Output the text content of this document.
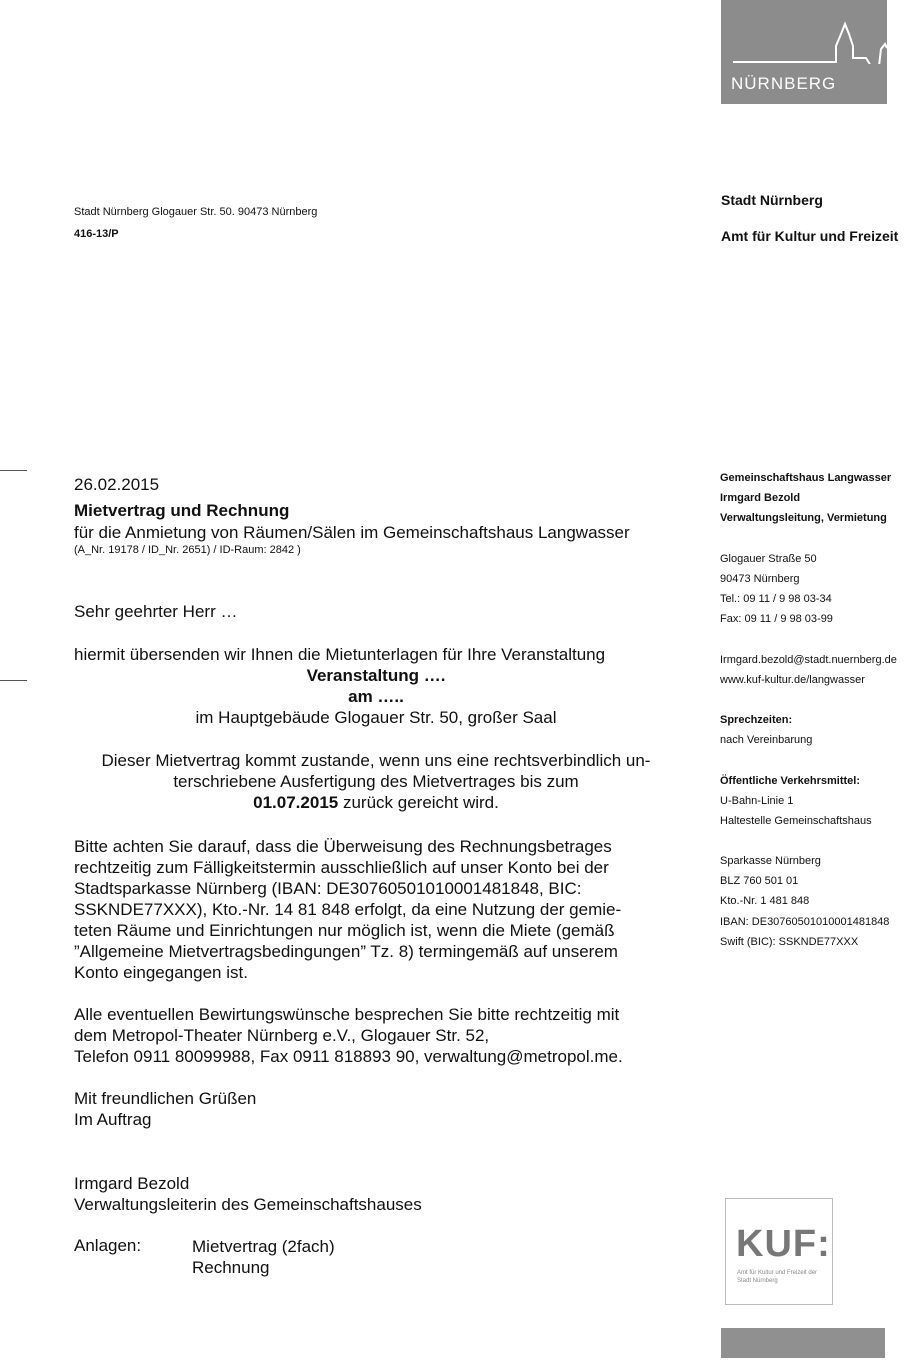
NÜRNBERG
Stadt Nürnberg Glogauer Str. 50. 90473 Nürnberg
416-13/P
Stadt Nürnberg
Amt für Kultur und Freizeit
26.02.2015
Mietvertrag und Rechnung
für die Anmietung von Räumen/Sälen im Gemeinschaftshaus Langwasser
(A_Nr. 19178 / ID_Nr. 2651) / ID-Raum: 2842 )
Sehr geehrter Herr …
hiermit übersenden wir Ihnen die Mietunterlagen für Ihre Veranstaltung
Veranstaltung ….
am …..
im Hauptgebäude Glogauer Str. 50, großer Saal
Dieser Mietvertrag kommt zustande, wenn uns eine rechtsverbindlich un-
terschriebene Ausfertigung des Mietvertrages bis zum
01.07.2015 zurück gereicht wird.
Bitte achten Sie darauf, dass die Überweisung des Rechnungsbetrages
rechtzeitig zum Fälligkeitstermin ausschließlich auf unser Konto bei der
Stadtsparkasse Nürnberg (IBAN: DE30760501010001481848, BIC:
SSKNDE77XXX), Kto.-Nr. 14 81 848 erfolgt, da eine Nutzung der gemie-
teten Räume und Einrichtungen nur möglich ist, wenn die Miete (gemäß
”Allgemeine Mietvertragsbedingungen” Tz. 8) termingemäß auf unserem
Konto eingegangen ist.
Alle eventuellen Bewirtungswünsche besprechen Sie bitte rechtzeitig mit
dem Metropol-Theater Nürnberg e.V., Glogauer Str. 52,
Telefon 0911 80099988, Fax 0911 818893 90, verwaltung@metropol.me.
Mit freundlichen Grüßen
Im Auftrag
Irmgard Bezold
Verwaltungsleiterin des Gemeinschaftshauses
Anlagen:	Mietvertrag (2fach)
Rechnung
Gemeinschaftshaus Langwasser
Irmgard Bezold
Verwaltungsleitung, Vermietung
Glogauer Straße 50
90473 Nürnberg
Tel.: 09 11 / 9 98 03-34
Fax: 09 11 / 9 98 03-99
Irmgard.bezold@stadt.nuernberg.de
www.kuf-kultur.de/langwasser
Sprechzeiten:
nach Vereinbarung
Öffentliche Verkehrsmittel:
U-Bahn-Linie 1
Haltestelle Gemeinschaftshaus
Sparkasse Nürnberg
BLZ 760 501 01
Kto.-Nr. 1 481 848
IBAN: DE30760501010001481848
Swift (BIC): SSKNDE77XXX
KUF:
Amt für Kultur und Freizeit der Stadt Nürnberg
